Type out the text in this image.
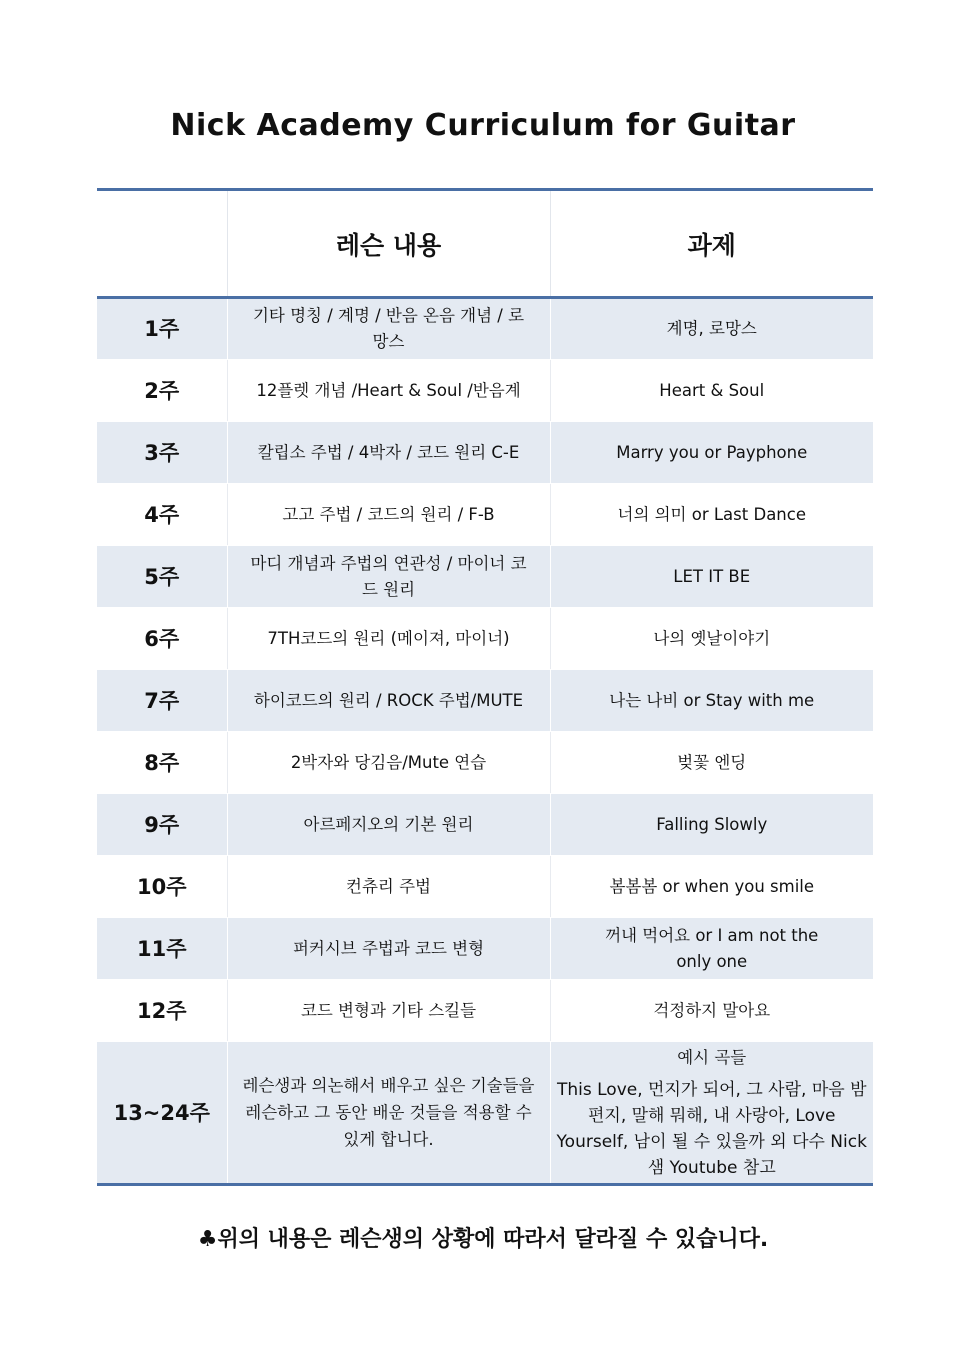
Nick Academy Curriculum for Guitar
	레슨 내용	과제
1주	기타 명칭 / 계명 / 반음 온음 개념 / 로망스	계명, 로망스
2주	12플렛 개념 /Heart & Soul /반음계	Heart & Soul
3주	칼립소 주법 / 4박자 / 코드 원리 C-E	Marry you or Payphone
4주	고고 주법 / 코드의 원리 / F-B	너의 의미 or Last Dance
5주	마디 개념과 주법의 연관성 / 마이너 코드 원리	LET IT BE
6주	7TH코드의 원리 (메이져, 마이너)	나의 옛날이야기
7주	하이코드의 원리 / ROCK 주법/MUTE	나는 나비 or Stay with me
8주	2박자와 당김음/Mute 연습	벚꽃 엔딩
9주	아르페지오의 기본 원리	Falling Slowly
10주	컨츄리 주법	봄봄봄 or when you smile
11주	퍼커시브 주법과 코드 변형	꺼내 먹어요 or I am not the only one
12주	코드 변형과 기타 스킬들	걱정하지 말아요
13~24주	레슨생과 의논해서 배우고 싶은 기술들을 레슨하고 그 동안 배운 것들을 적용할 수 있게 합니다.	예시 곡들
This Love, 먼지가 되어, 그 사람, 마음 밤 편지, 말해 뭐해, 내 사랑아, Love Yourself, 남이 될 수 있을까 외 다수 Nick샘 Youtube 참고
♣위의 내용은 레슨생의 상황에 따라서 달라질 수 있습니다.
